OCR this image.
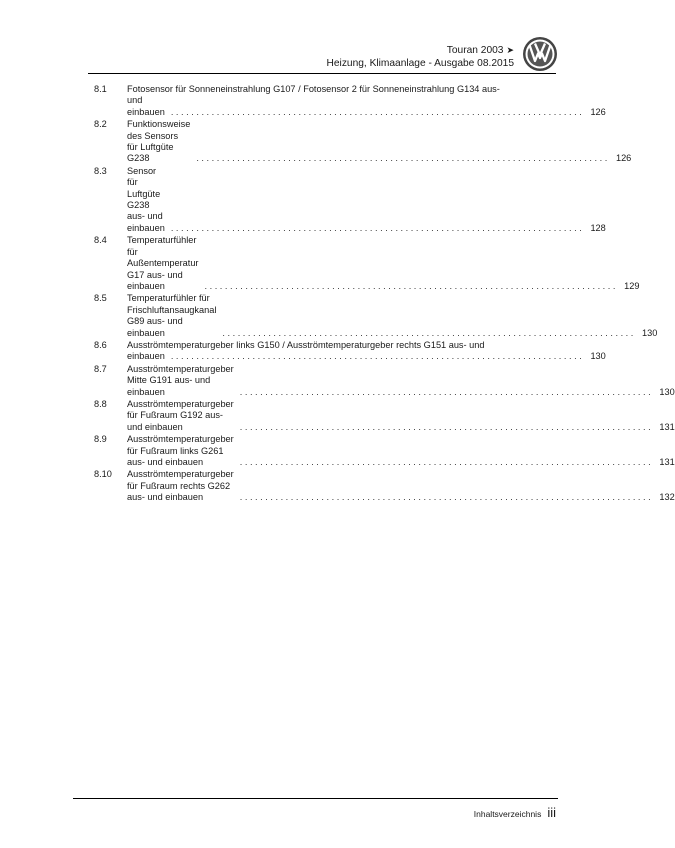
Touran 2003 ➤
Heizung, Klimaanlage - Ausgabe 08.2015
8.1	Fotosensor für Sonneneinstrahlung G107 / Fotosensor 2 für Sonneneinstrahlung G134 aus-
und einbauen . . .	126
8.2	Funktionsweise des Sensors für Luftgüte G238 . . .	126
8.3	Sensor für Luftgüte G238 aus- und einbauen . . .	128
8.4	Temperaturfühler für Außentemperatur G17 aus- und einbauen . . .	129
8.5	Temperaturfühler für Frischluftansaugkanal G89 aus- und einbauen . . .	130
8.6	Ausströmtemperaturgeber links G150 / Ausströmtemperaturgeber rechts G151 aus- und
einbauen . . .	130
8.7	Ausströmtemperaturgeber Mitte G191 aus- und einbauen . . .	130
8.8	Ausströmtemperaturgeber für Fußraum G192 aus- und einbauen . . .	131
8.9	Ausströmtemperaturgeber für Fußraum links G261 aus- und einbauen . . .	131
8.10	Ausströmtemperaturgeber für Fußraum rechts G262 aus- und einbauen . . .	132
Inhaltsverzeichnis iii
